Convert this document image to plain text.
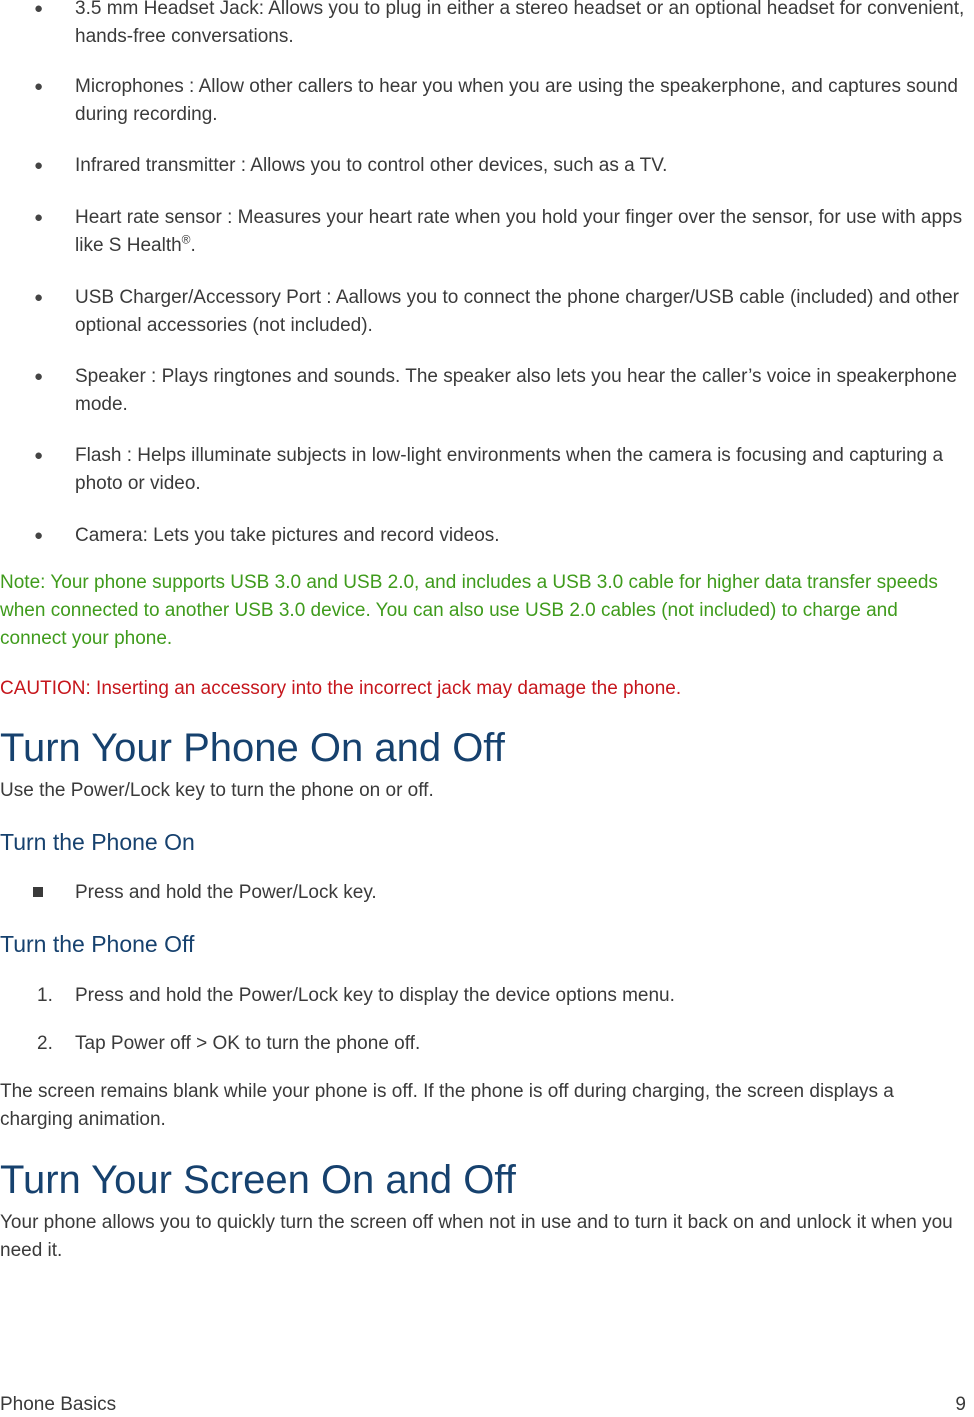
● 3.5 mm Headset Jack: Allows you to plug in either a stereo headset or an optional headset for convenient, hands-free conversations.
● Microphones : Allow other callers to hear you when you are using the speakerphone, and captures sound during recording.
● Infrared transmitter : Allows you to control other devices, such as a TV.
● Heart rate sensor : Measures your heart rate when you hold your finger over the sensor, for use with apps like S Health®.
● USB Charger/Accessory Port : Aallows you to connect the phone charger/USB cable (included) and other optional accessories (not included).
● Speaker : Plays ringtones and sounds. The speaker also lets you hear the caller’s voice in speakerphone mode.
● Flash : Helps illuminate subjects in low-light environments when the camera is focusing and capturing a photo or video.
● Camera: Lets you take pictures and record videos.
Note: Your phone supports USB 3.0 and USB 2.0, and includes a USB 3.0 cable for higher data transfer speeds when connected to another USB 3.0 device. You can also use USB 2.0 cables (not included) to charge and connect your phone.
CAUTION: Inserting an accessory into the incorrect jack may damage the phone.
Turn Your Phone On and Off
Use the Power/Lock key to turn the phone on or off.
Turn the Phone On
Press and hold the Power/Lock key.
Turn the Phone Off
1. Press and hold the Power/Lock key to display the device options menu.
2. Tap Power off > OK to turn the phone off.
The screen remains blank while your phone is off. If the phone is off during charging, the screen displays a charging animation.
Turn Your Screen On and Off
Your phone allows you to quickly turn the screen off when not in use and to turn it back on and unlock it when you need it.
Phone Basics	9
